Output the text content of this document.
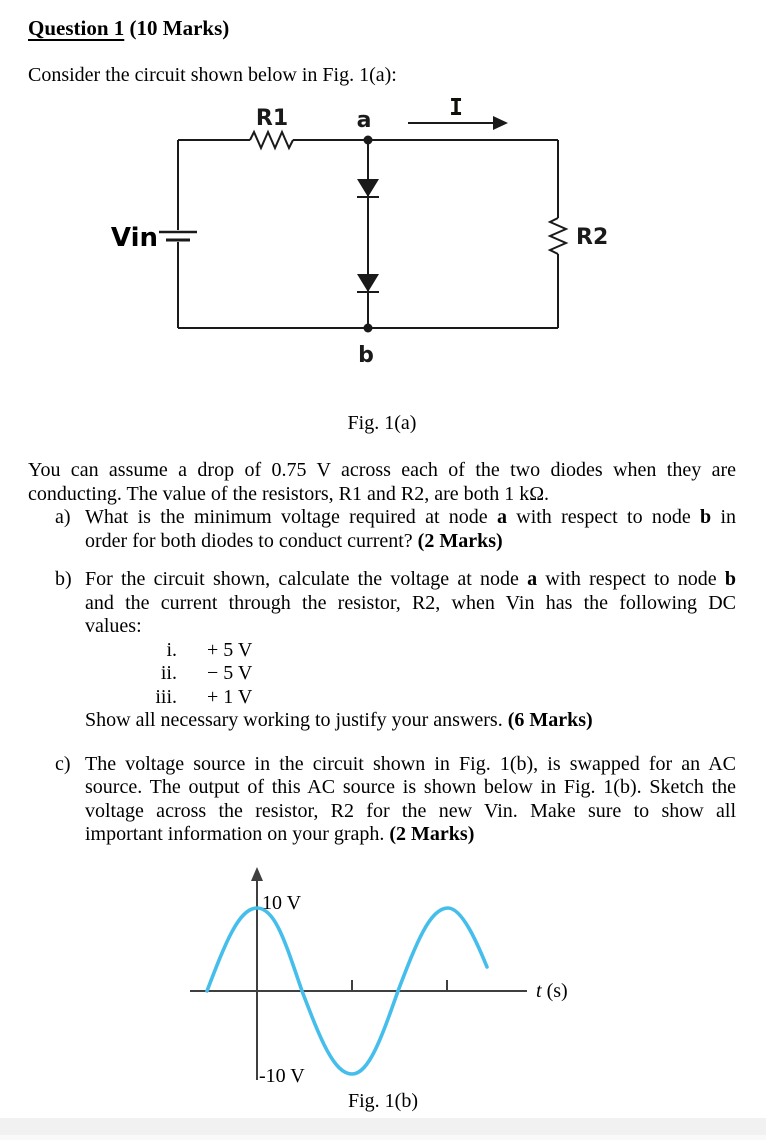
Question 1 (10 Marks)
Consider the circuit shown below in Fig. 1(a):
R1	a	I
R2
b
Vin
Fig. 1(a)
You can assume a drop of 0.75 V across each of the two diodes when they are
conducting. The value of the resistors, R1 and R2, are both 1 kΩ.
a) What is the minimum voltage required at node a with respect to node b in
order for both diodes to conduct current? (2 Marks)
b) For the circuit shown, calculate the voltage at node a with respect to node b
and the current through the resistor, R2, when Vin has the following DC
values:
i. + 5 V
ii. − 5 V
iii. + 1 V
Show all necessary working to justify your answers. (6 Marks)
c) The voltage source in the circuit shown in Fig. 1(b), is swapped for an AC
source. The output of this AC source is shown below in Fig. 1(b). Sketch the
voltage across the resistor, R2 for the new Vin. Make sure to show all
important information on your graph. (2 Marks)
10 V
-10 V
t (s)
Fig. 1(b)
